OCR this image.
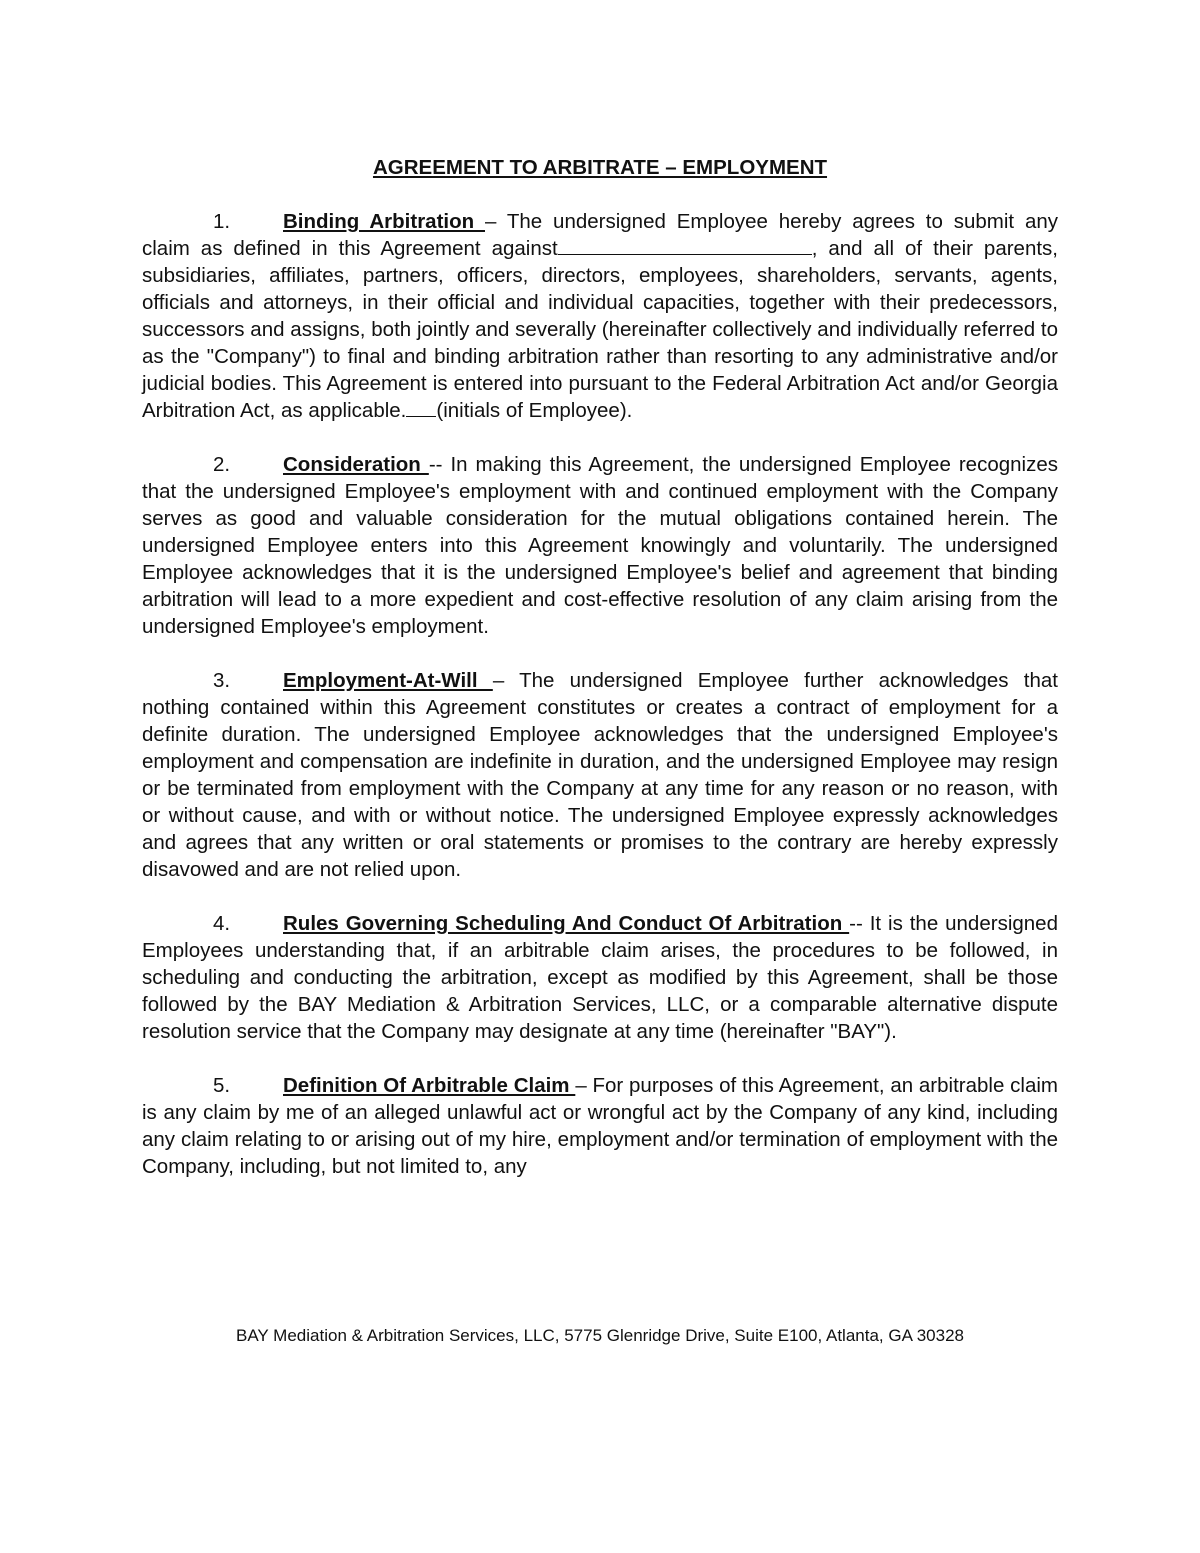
AGREEMENT TO ARBITRATE – EMPLOYMENT

1.	Binding Arbitration – The undersigned Employee hereby agrees to submit any claim as defined in this Agreement against	, and all of their parents, subsidiaries, affiliates, partners, officers, directors, employees, shareholders, servants, agents, officials and attorneys, in their official and individual capacities, together with their predecessors, successors and assigns, both jointly and severally (hereinafter collectively and individually referred to as the "Company") to final and binding arbitration rather than resorting to any administrative and/or judicial bodies. This Agreement is entered into pursuant to the Federal Arbitration Act and/or Georgia Arbitration Act, as applicable. (initials of Employee).

2.	Consideration -- In making this Agreement, the undersigned Employee recognizes that the undersigned Employee's employment with and continued employment with the Company serves as good and valuable consideration for the mutual obligations contained herein. The undersigned Employee enters into this Agreement knowingly and voluntarily. The undersigned Employee acknowledges that it is the undersigned Employee's belief and agreement that binding arbitration will lead to a more expedient and cost-effective resolution of any claim arising from the undersigned Employee's employment.

3.	Employment-At-Will – The undersigned Employee further acknowledges that nothing contained within this Agreement constitutes or creates a contract of employment for a definite duration. The undersigned Employee acknowledges that the undersigned Employee's employment and compensation are indefinite in duration, and the undersigned Employee may resign or be terminated from employment with the Company at any time for any reason or no reason, with or without cause, and with or without notice. The undersigned Employee expressly acknowledges and agrees that any written or oral statements or promises to the contrary are hereby expressly disavowed and are not relied upon.

4.	Rules Governing Scheduling And Conduct Of Arbitration -- It is the undersigned Employees understanding that, if an arbitrable claim arises, the procedures to be followed, in scheduling and conducting the arbitration, except as modified by this Agreement, shall be those followed by the BAY Mediation & Arbitration Services, LLC, or a comparable alternative dispute resolution service that the Company may designate at any time (hereinafter "BAY").

5.	Definition Of Arbitrable Claim – For purposes of this Agreement, an arbitrable claim is any claim by me of an alleged unlawful act or wrongful act by the Company of any kind, including any claim relating to or arising out of my hire, employment and/or termination of employment with the Company, including, but not limited to, any

BAY Mediation & Arbitration Services, LLC, 5775 Glenridge Drive, Suite E100, Atlanta, GA 30328
